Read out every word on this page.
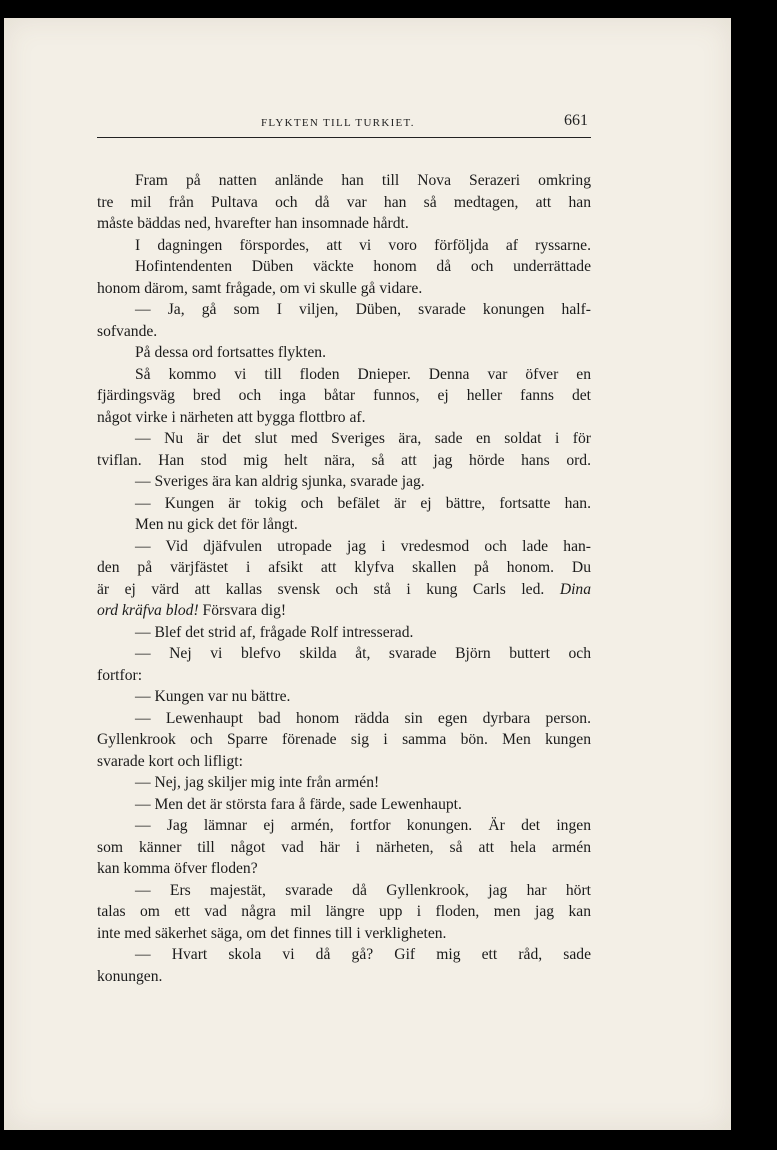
FLYKTEN TILL TURKIET.	661
Fram på natten anlände han till Nova Serazeri omkring
tre mil från Pultava och då var han så medtagen, att han
måste bäddas ned, hvarefter han insomnade hårdt.
I dagningen förspordes, att vi voro förföljda af ryssarne.
Hofintendenten Düben väckte honom då och underrättade
honom därom, samt frågade, om vi skulle gå vidare.
— Ja, gå som I viljen, Düben, svarade konungen half-
sofvande.
På dessa ord fortsattes flykten.
Så kommo vi till floden Dnieper. Denna var öfver en
fjärdingsväg bred och inga båtar funnos, ej heller fanns det
något virke i närheten att bygga flottbro af.
— Nu är det slut med Sveriges ära, sade en soldat i för
tviflan. Han stod mig helt nära, så att jag hörde hans ord.
— Sveriges ära kan aldrig sjunka, svarade jag.
— Kungen är tokig och befälet är ej bättre, fortsatte han.
Men nu gick det för långt.
— Vid djäfvulen utropade jag i vredesmod och lade han-
den på värjfästet i afsikt att klyfva skallen på honom. Du
är ej värd att kallas svensk och stå i kung Carls led. Dina
ord kräfva blod! Försvara dig!
— Blef det strid af, frågade Rolf intresserad.
— Nej vi blefvo skilda åt, svarade Björn buttert och
fortfor:
— Kungen var nu bättre.
— Lewenhaupt bad honom rädda sin egen dyrbara person.
Gyllenkrook och Sparre förenade sig i samma bön. Men kungen
svarade kort och lifligt:
— Nej, jag skiljer mig inte från armén!
— Men det är största fara å färde, sade Lewenhaupt.
— Jag lämnar ej armén, fortfor konungen. Är det ingen
som känner till något vad här i närheten, så att hela armén
kan komma öfver floden?
— Ers majestät, svarade då Gyllenkrook, jag har hört
talas om ett vad några mil längre upp i floden, men jag kan
inte med säkerhet säga, om det finnes till i verkligheten.
— Hvart skola vi då gå? Gif mig ett råd, sade
konungen.
